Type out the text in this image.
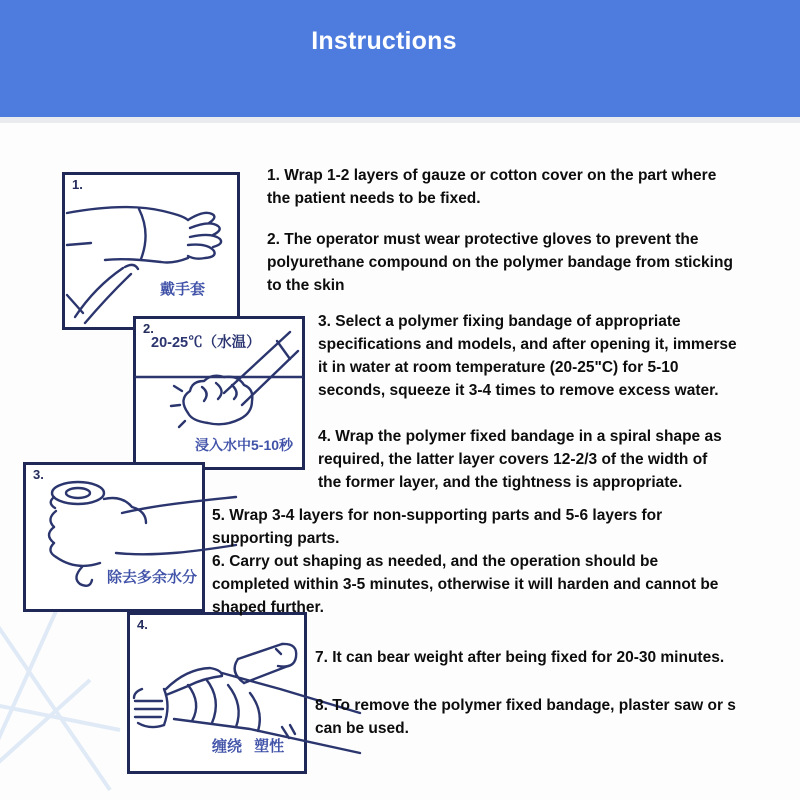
Instructions
1.
戴手套
2.
20-25℃（水温）
浸入水中5-10秒
3.
除去多余水分
4.
缠绕 塑性
1. Wrap 1-2 layers of gauze or cotton cover on the part where
the patient needs to be fixed.
2. The operator must wear protective gloves to prevent the
polyurethane compound on the polymer bandage from sticking
to the skin
3. Select a polymer fixing bandage of appropriate
specifications and models, and after opening it, immerse
it in water at room temperature (20-25"C) for 5-10
seconds, squeeze it 3-4 times to remove excess water.
4. Wrap the polymer fixed bandage in a spiral shape as
required, the latter layer covers 12-2/3 of the width of
the former layer, and the tightness is appropriate.
5. Wrap 3-4 layers for non-supporting parts and 5-6 layers for
supporting parts.
6. Carry out shaping as needed, and the operation should be
completed within 3-5 minutes, otherwise it will harden and cannot be
shaped further.
7. It can bear weight after being fixed for 20-30 minutes.
8. To remove the polymer fixed bandage, plaster saw or s
can be used.
